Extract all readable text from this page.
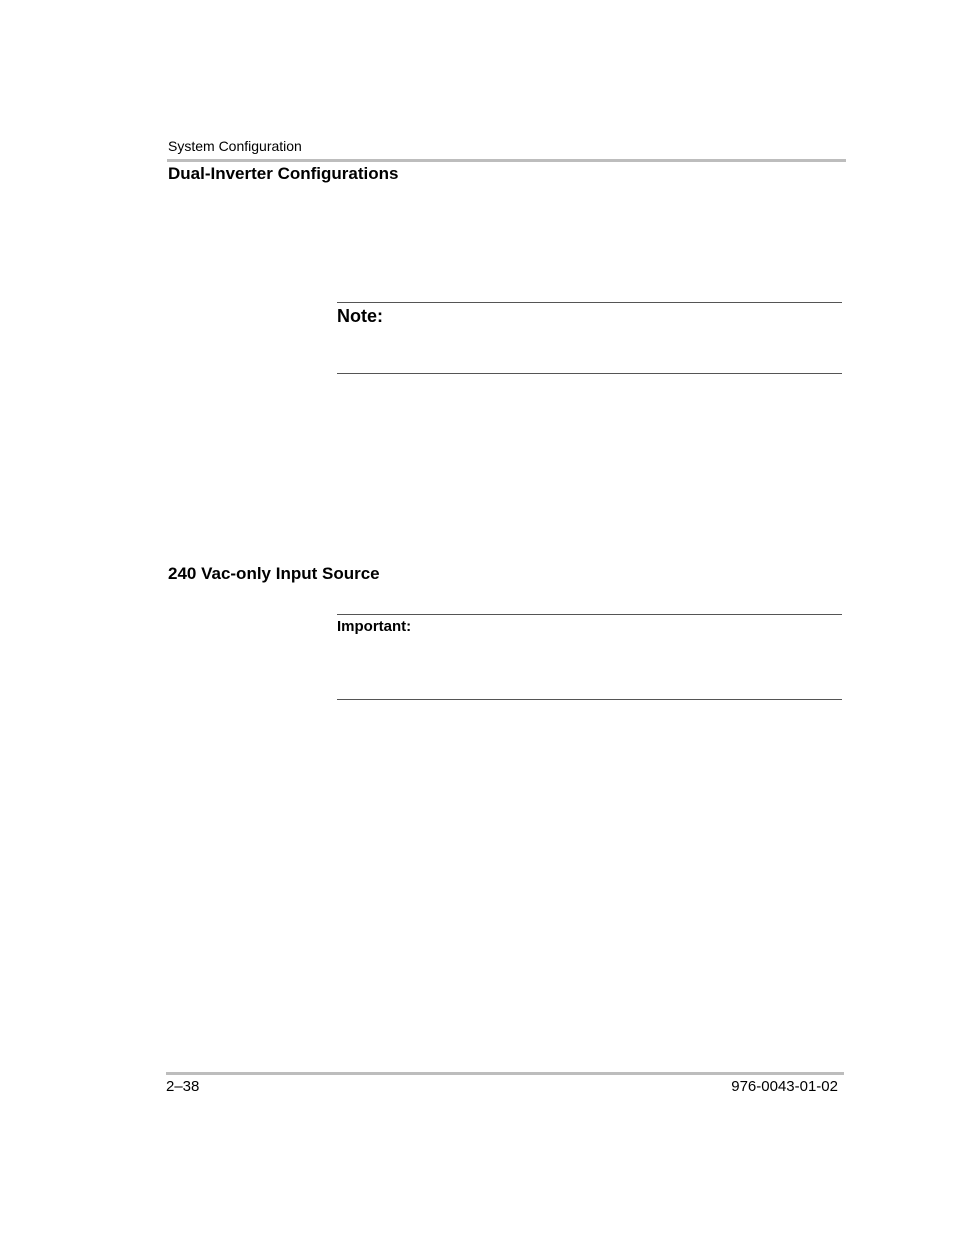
System Configuration
Dual-Inverter Configurations
Note:
240 Vac-only Input Source
Important:
2–38	976-0043-01-02
